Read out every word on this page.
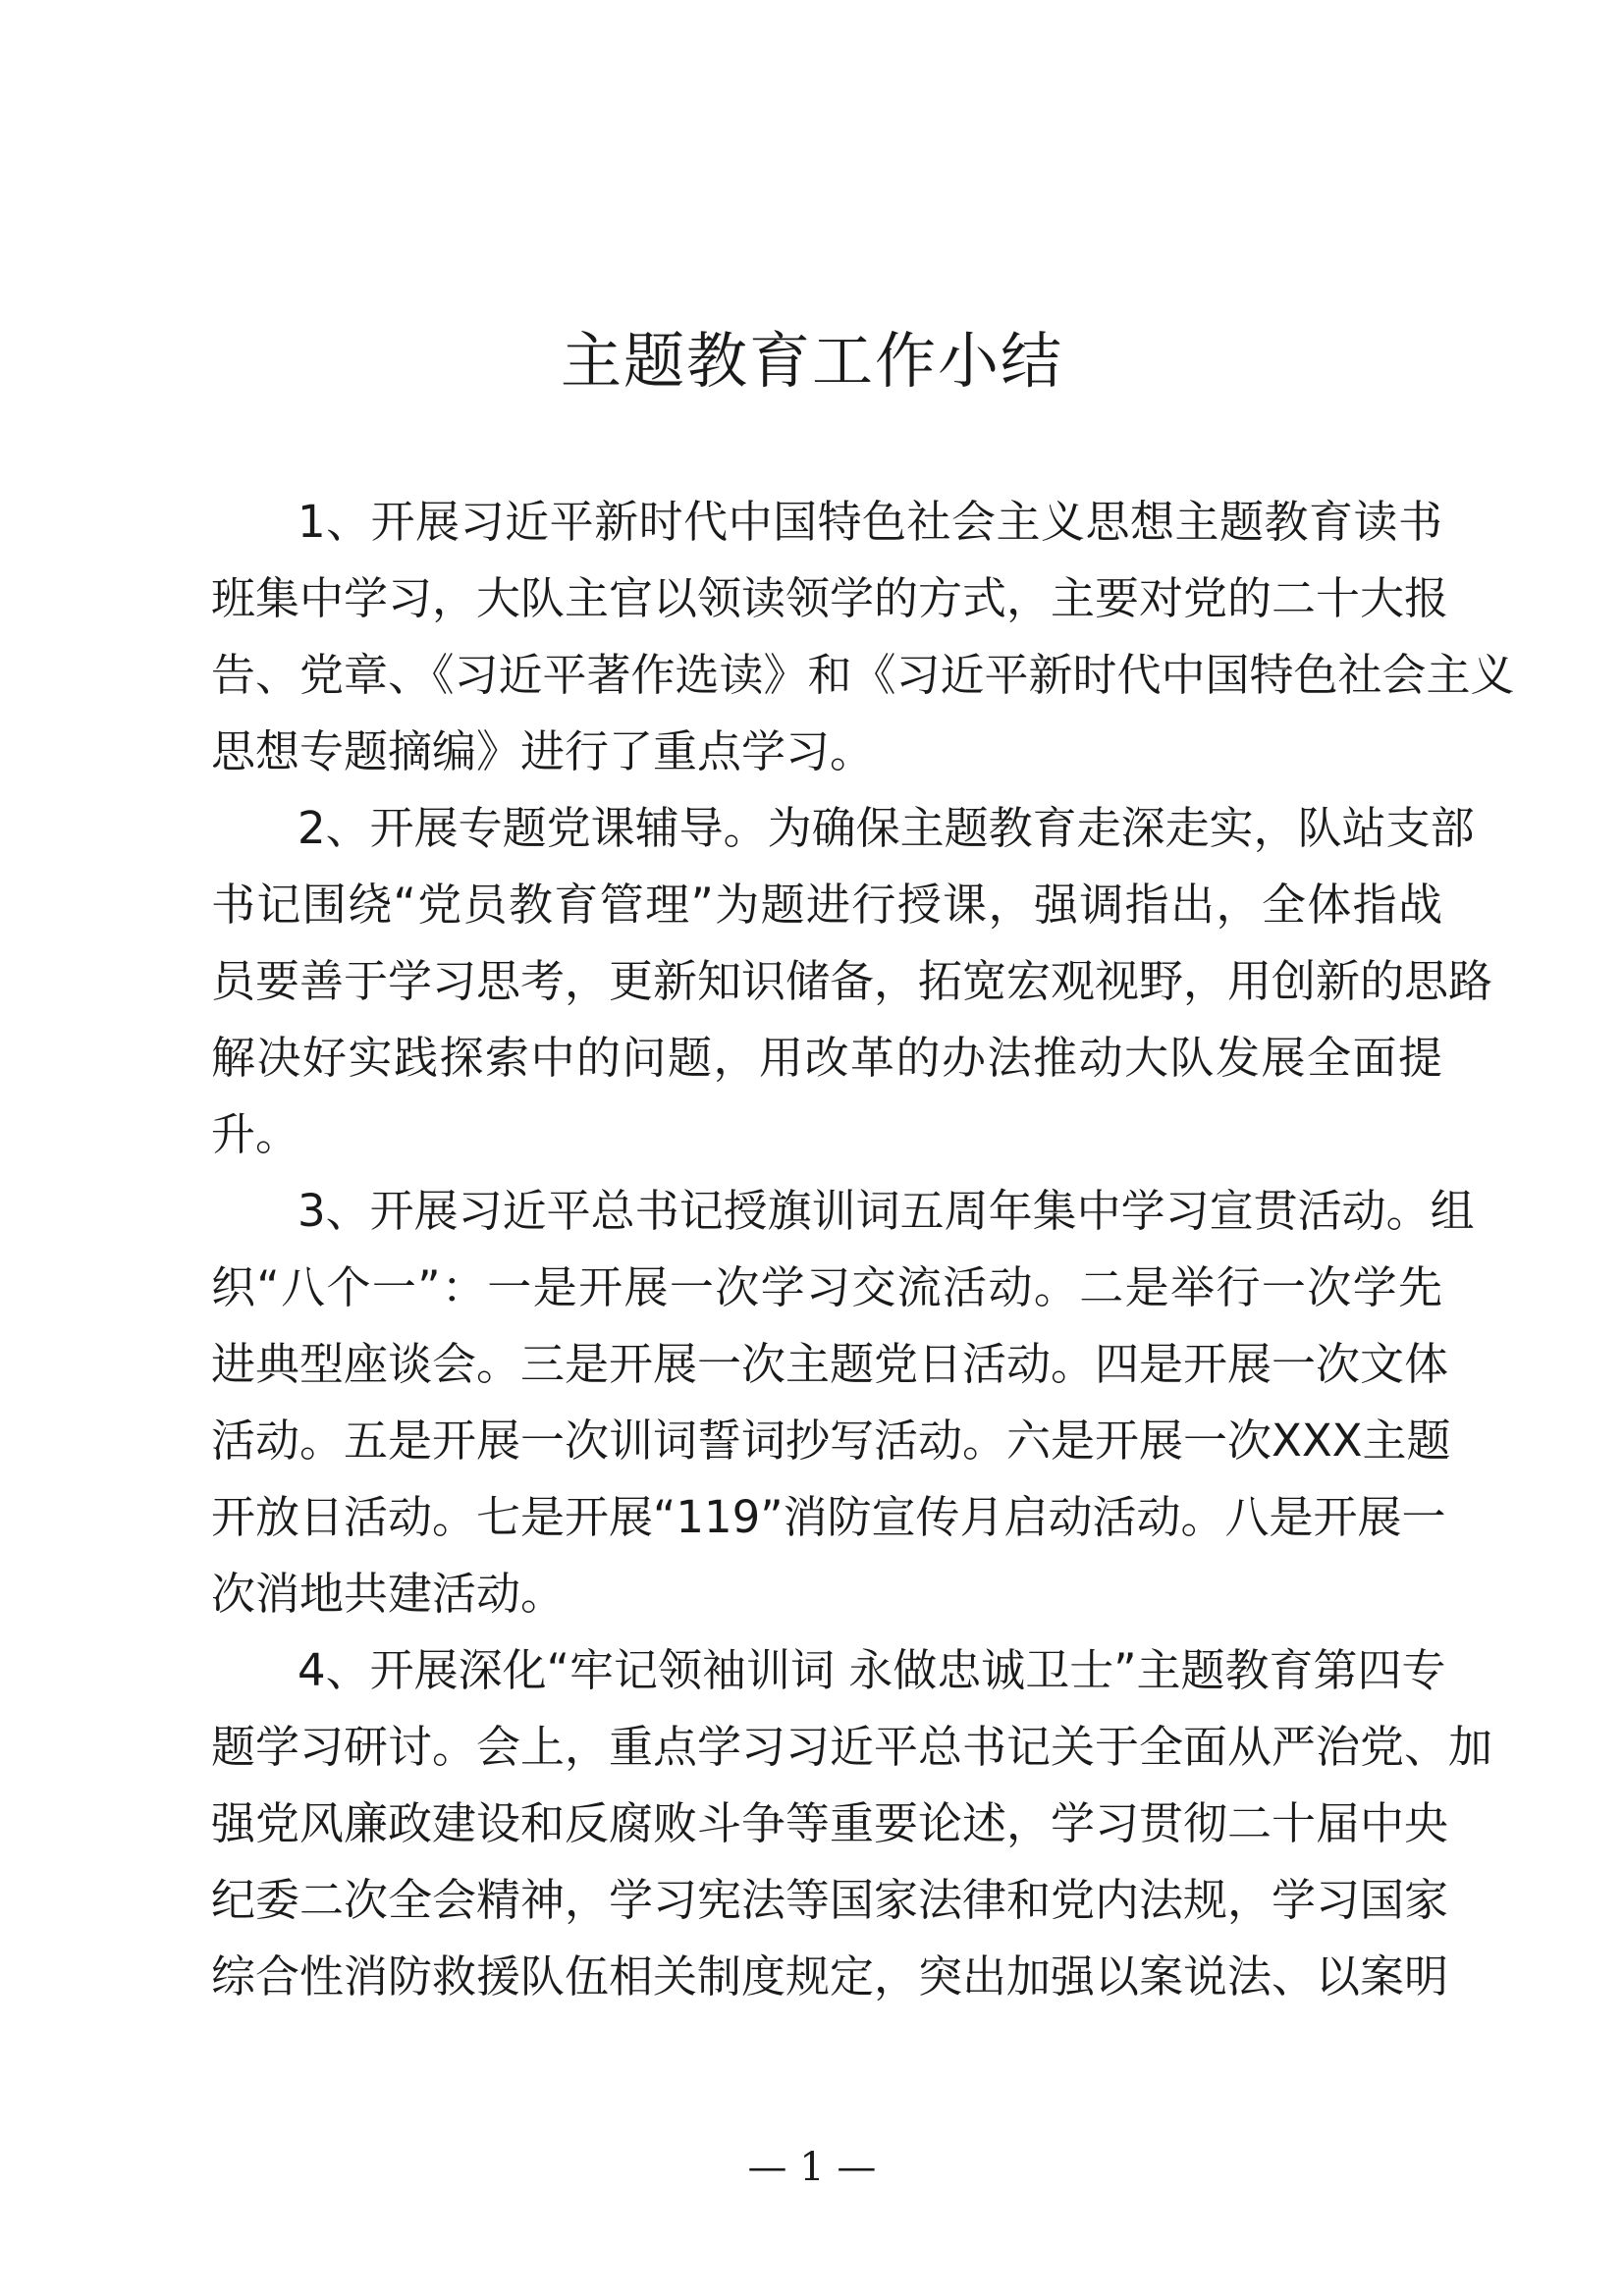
主题教育工作小结
1、开展习近平新时代中国特色社会主义思想主题教育读书
班集中学习，大队主官以领读领学的方式，主要对党的二十大报
告、党章、《习近平著作选读》和《习近平新时代中国特色社会主义
思想专题摘编》进行了重点学习。
2、开展专题党课辅导。为确保主题教育走深走实，队站支部
书记围绕“党员教育管理”为题进行授课，强调指出，全体指战
员要善于学习思考，更新知识储备，拓宽宏观视野，用创新的思路
解决好实践探索中的问题，用改革的办法推动大队发展全面提
升。
3、开展习近平总书记授旗训词五周年集中学习宣贯活动。组
织“八个一”：一是开展一次学习交流活动。二是举行一次学先
进典型座谈会。三是开展一次主题党日活动。四是开展一次文体
活动。五是开展一次训词誓词抄写活动。六是开展一次XXX主题
开放日活动。七是开展“119”消防宣传月启动活动。八是开展一
次消地共建活动。
4、开展深化“牢记领袖训词 永做忠诚卫士”主题教育第四专
题学习研讨。会上，重点学习习近平总书记关于全面从严治党、加
强党风廉政建设和反腐败斗争等重要论述，学习贯彻二十届中央
纪委二次全会精神，学习宪法等国家法律和党内法规，学习国家
综合性消防救援队伍相关制度规定，突出加强以案说法、以案明
— 1 —
